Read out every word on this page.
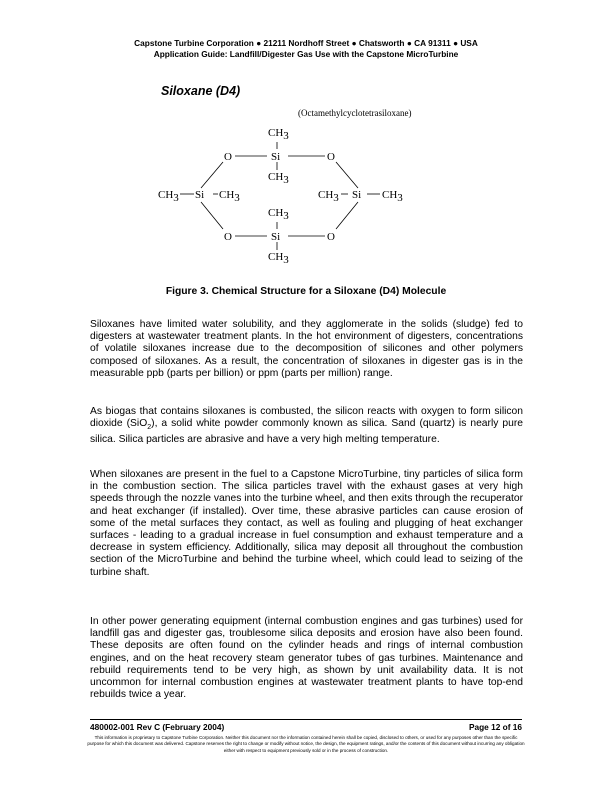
Capstone Turbine Corporation ● 21211 Nordhoff Street ● Chatsworth ● CA 91311 ● USA
Application Guide: Landfill/Digester Gas Use with the Capstone MicroTurbine
Siloxane (D4)
(Octamethylcyclotetrasiloxane)
CH3
Si
CH3
O	O
O	O
CH3 Si CH3	CH3 Si CH3
CH3
Si
CH3
Figure 3. Chemical Structure for a Siloxane (D4) Molecule

Siloxanes have limited water solubility, and they agglomerate in the solids (sludge) fed to digesters at wastewater treatment plants. In the hot environment of digesters, concentrations of volatile siloxanes increase due to the decomposition of silicones and other polymers composed of siloxanes. As a result, the concentration of siloxanes in digester gas is in the measurable ppb (parts per billion) or ppm (parts per million) range.

As biogas that contains siloxanes is combusted, the silicon reacts with oxygen to form silicon dioxide (SiO$_2$), a solid white powder commonly known as silica. Sand (quartz) is nearly pure silica. Silica particles are abrasive and have a very high melting temperature.

When siloxanes are present in the fuel to a Capstone MicroTurbine, tiny particles of silica form in the combustion section. The silica particles travel with the exhaust gases at very high speeds through the nozzle vanes into the turbine wheel, and then exits through the recuperator and heat exchanger (if installed). Over time, these abrasive particles can cause erosion of some of the metal surfaces they contact, as well as fouling and plugging of heat exchanger surfaces - leading to a gradual increase in fuel consumption and exhaust temperature and a decrease in system efficiency. Additionally, silica may deposit all throughout the combustion section of the MicroTurbine and behind the turbine wheel, which could lead to seizing of the turbine shaft.

In other power generating equipment (internal combustion engines and gas turbines) used for landfill gas and digester gas, troublesome silica deposits and erosion have also been found. These deposits are often found on the cylinder heads and rings of internal combustion engines, and on the heat recovery steam generator tubes of gas turbines. Maintenance and rebuild requirements tend to be very high, as shown by unit availability data. It is not uncommon for internal combustion engines at wastewater treatment plants to have top-end rebuilds twice a year.

480002-001 Rev C (February 2004)	Page 12 of 16
This information is proprietary to Capstone Turbine Corporation. Neither this document nor the information contained herein shall be copied, disclosed to others, or used for any purposes other than the specific purpose for which this document was delivered. Capstone reserves the right to change or modify without notice, the design, the equipment ratings, and/or the contents of this document without incurring any obligation either with respect to equipment previously sold or in the process of construction.
